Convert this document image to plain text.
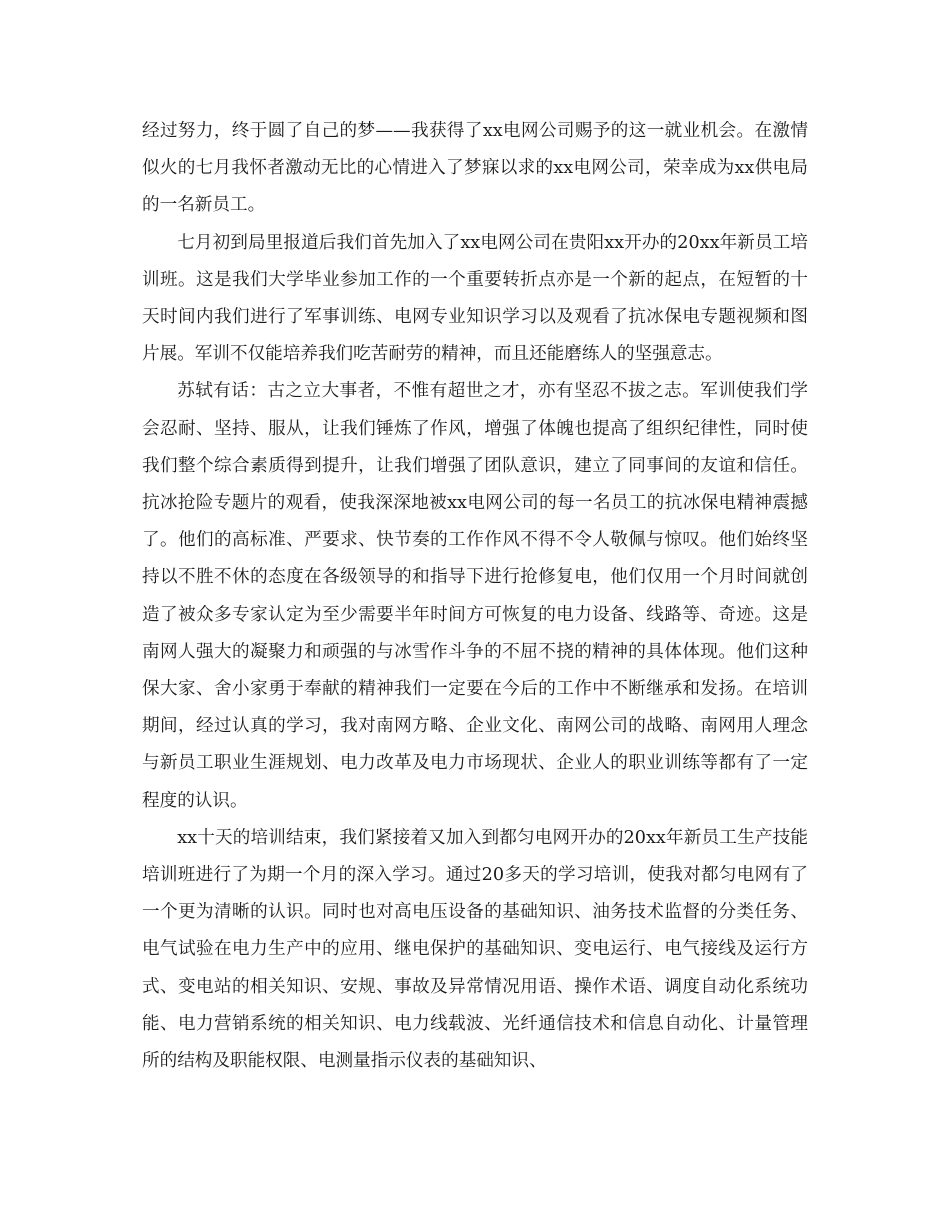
经过努力，终于圆了自己的梦——我获得了xx电网公司赐予的这一就业机会。在激情似火的七月我怀者激动无比的心情进入了梦寐以求的xx电网公司，荣幸成为xx供电局的一名新员工。

七月初到局里报道后我们首先加入了xx电网公司在贵阳xx开办的20xx年新员工培训班。这是我们大学毕业参加工作的一个重要转折点亦是一个新的起点，在短暂的十天时间内我们进行了军事训练、电网专业知识学习以及观看了抗冰保电专题视频和图片展。军训不仅能培养我们吃苦耐劳的精神，而且还能磨练人的坚强意志。

苏轼有话：古之立大事者，不惟有超世之才，亦有坚忍不拔之志。军训使我们学会忍耐、坚持、服从，让我们锤炼了作风，增强了体魄也提高了组织纪律性，同时使我们整个综合素质得到提升，让我们增强了团队意识，建立了同事间的友谊和信任。抗冰抢险专题片的观看，使我深深地被xx电网公司的每一名员工的抗冰保电精神震撼了。他们的高标准、严要求、快节奏的工作作风不得不令人敬佩与惊叹。他们始终坚持以不胜不休的态度在各级领导的和指导下进行抢修复电，他们仅用一个月时间就创造了被众多专家认定为至少需要半年时间方可恢复的电力设备、线路等、奇迹。这是南网人强大的凝聚力和顽强的与冰雪作斗争的不屈不挠的精神的具体体现。他们这种保大家、舍小家勇于奉献的精神我们一定要在今后的工作中不断继承和发扬。在培训期间，经过认真的学习，我对南网方略、企业文化、南网公司的战略、南网用人理念与新员工职业生涯规划、电力改革及电力市场现状、企业人的职业训练等都有了一定程度的认识。

xx十天的培训结束，我们紧接着又加入到都匀电网开办的20xx年新员工生产技能培训班进行了为期一个月的深入学习。通过20多天的学习培训，使我对都匀电网有了一个更为清晰的认识。同时也对高电压设备的基础知识、油务技术监督的分类任务、电气试验在电力生产中的应用、继电保护的基础知识、变电运行、电气接线及运行方式、变电站的相关知识、安规、事故及异常情况用语、操作术语、调度自动化系统功能、电力营销系统的相关知识、电力线载波、光纤通信技术和信息自动化、计量管理所的结构及职能权限、电测量指示仪表的基础知识、
